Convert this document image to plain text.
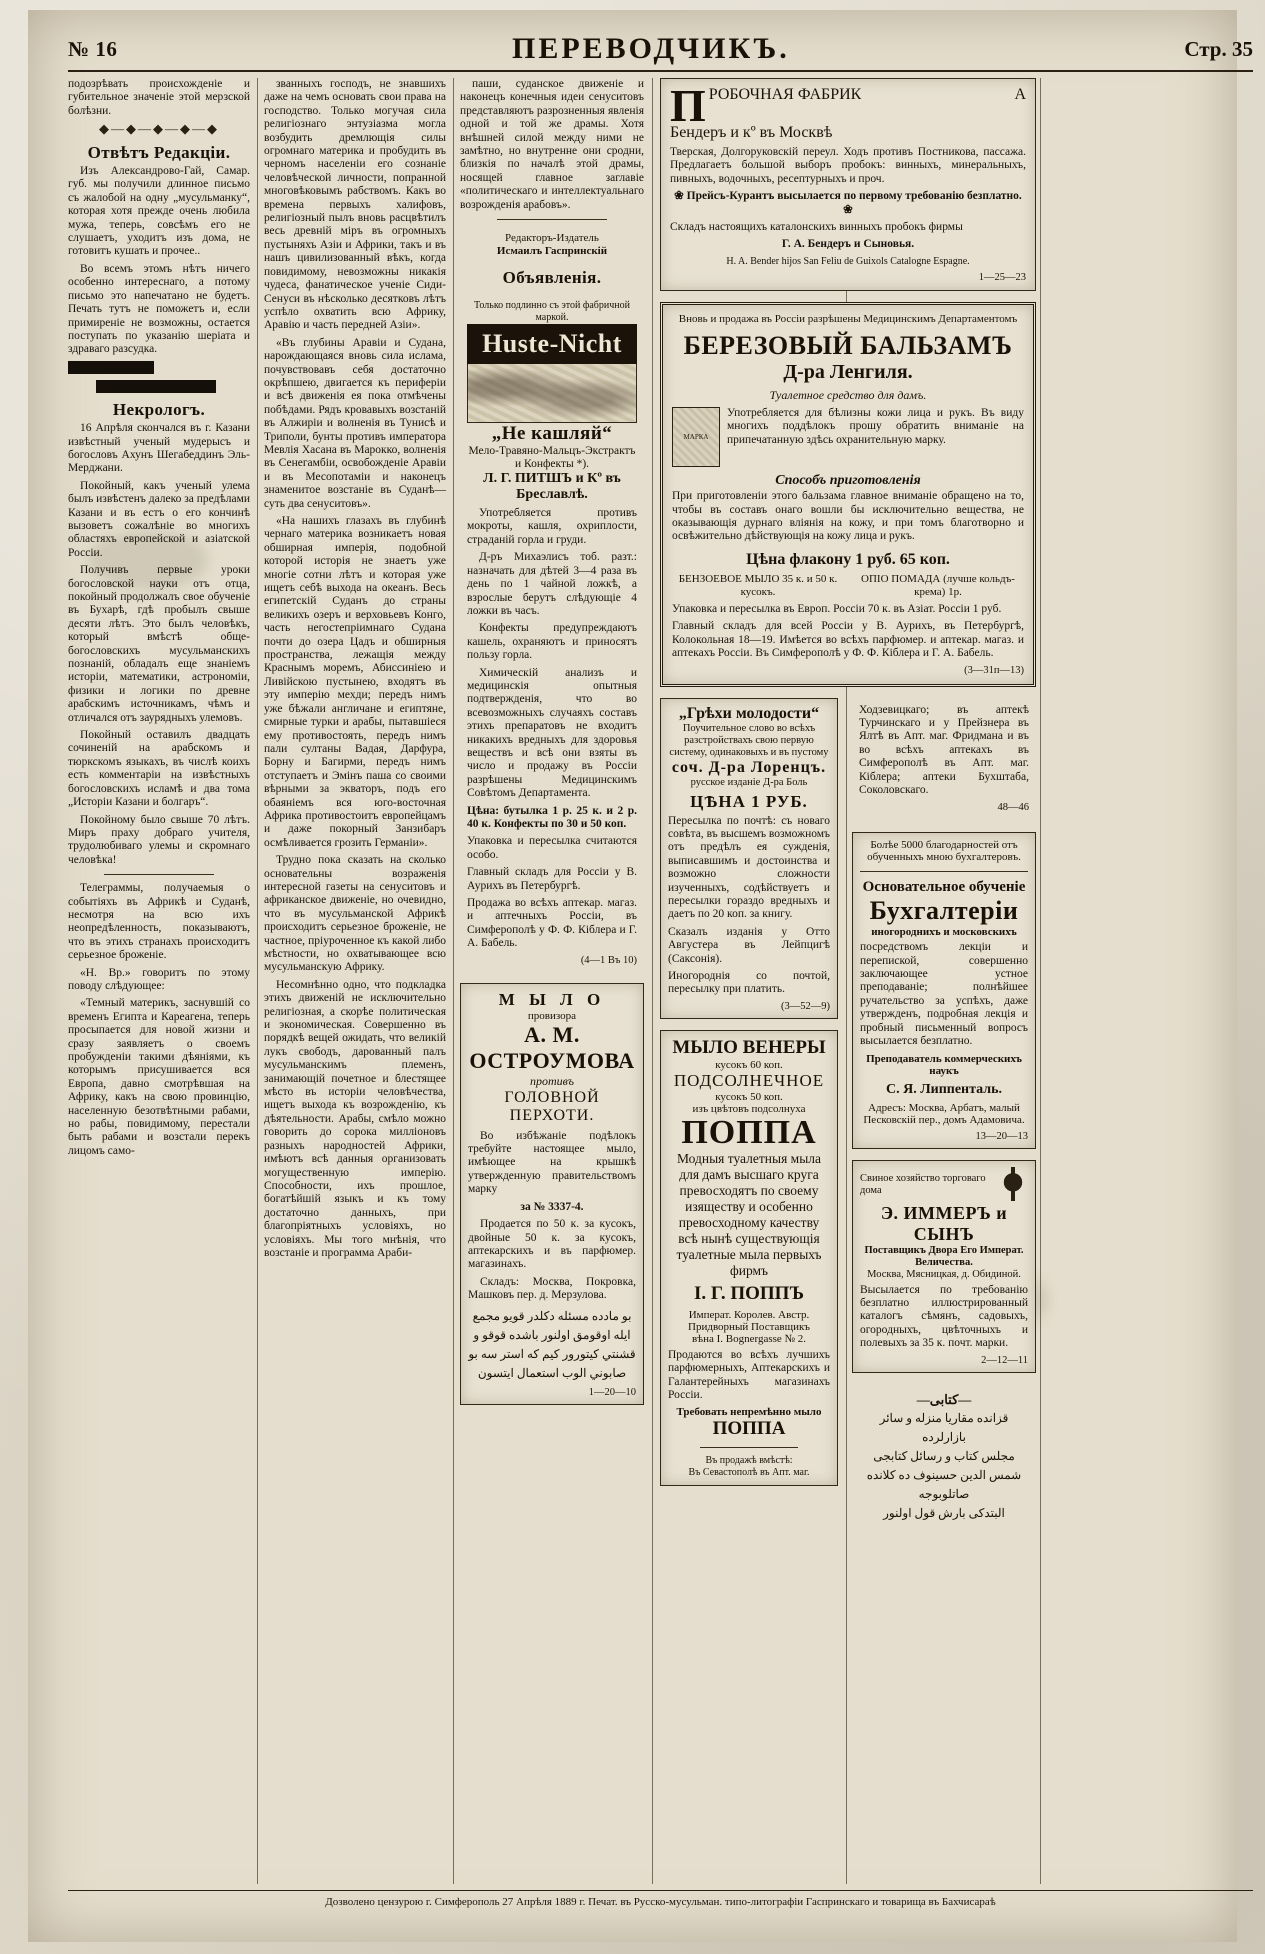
№ 16	ПЕРЕВОДЧИКЪ.	Стр. 35

подозрѣвать происхожденіе и губительное значеніе этой мерзской болѣзни.

◆—◆—◆—◆—◆
Отвѣтъ Редакціи.

Изъ Александрово-Гай, Самар. губ. мы получили длинное письмо съ жалобой на одну „мусульманку“, которая хотя прежде очень любила мужа, теперь, совсѣмъ его не слушаетъ, уходитъ изъ дома, не готовитъ кушать и прочее..

Во всемъ этомъ нѣтъ ничего особенно интереснаго, а потому письмо это напечатано не будетъ. Печать тутъ не поможетъ и, если примиреніе не возможны, остается поступать по указанію шеріата и здраваго разсудка.

Некрологъ.

16 Апрѣля скончался въ г. Казани извѣстный ученый мудерысъ и богословъ Ахунъ Шегабеддинъ Эль-Мерджани.

Покойный, какъ ученый улема былъ извѣстенъ далеко за предѣлами Казани и въ естъ о его кончинѣ вызоветъ сожалѣніе во многихъ областяхъ европейской и азіатской Россіи.

Получивъ первые уроки богословской науки отъ отца, покойный продолжалъ свое обученіе въ Бухарѣ, гдѣ пробылъ свыше десяти лѣтъ. Это былъ человѣкъ, который вмѣстѣ обще-богословскихъ мусульманскихъ познаній, обладалъ еще знаніемъ исторіи, математики, астрономіи, физики и логики по древне арабскимъ источникамъ, чѣмъ и отличался отъ заурядныхъ улемовъ.

Покойный оставилъ двадцать сочиненій на арабскомъ и тюркскомъ языкахъ, въ числѣ коихъ есть комментаріи на извѣстныхъ богословскихъ исламѣ и два тома „Исторіи Казани и болгаръ“.

Покойному было свыше 70 лѣтъ. Миръ праху добраго учителя, трудолюбиваго улемы и скромнаго человѣка!

Телеграммы, получаемыя о событіяхъ въ Африкѣ и Суданѣ, несмотря на всю ихъ неопредѣленность, показываютъ, что въ этихъ странахъ происходитъ серьезное броженіе.

«Н. Вр.» говоритъ по этому поводу слѣдующее:

«Темный материкъ, заснувшій со временъ Египта и Кареагена, теперь просыпается для новой жизни и сразу заявляетъ о своемъ пробужденіи такими дѣяніями, къ которымъ присушивается вся Европа, давно смотрѣвшая на Африку, какъ на свою провинцію, населенную безотвѣтными рабами, но рабы, повидимому, перестали быть рабами и возстали перекъ лицомъ само-

званныхъ господъ, не знавшихъ даже на чемъ основать свои права на господство. Только могучая сила религіознаго энтузіазма могла возбудить дремлющія силы огромнаго материка и пробудить въ черномъ населеніи его сознаніе человѣческой личности, попранной многовѣковымъ рабствомъ. Какъ во времена первыхъ халифовъ, религіозный пылъ вновь расцвѣтилъ весь древній міръ въ огромныхъ пустыняхъ Азіи и Африки, такъ и въ нашъ цивилизованный вѣкъ, когда повидимому, невозможны никакія чудеса, фанатическое ученіе Сиди-Сенуси въ нѣсколько десятковъ лѣтъ успѣло охватить всю Африку, Аравію и часть передней Азіи».

«Въ глубины Аравіи и Судана, нарождающаяся вновь сила ислама, почувствовавъ себя достаточно окрѣпшею, двигается къ периферіи и всѣ движенія ея пока отмѣчены побѣдами. Рядъ кровавыхъ возстаній въ Алжиріи и волненія въ Тунисѣ и Триполи, бунты противъ императора Мевлія Хасана въ Марокко, волненія въ Сенегамбіи, освобожденіе Аравіи и въ Месопотаміи и наконецъ знаменитое возстаніе въ Суданѣ—суть два сенуситовъ».

«На нашихъ глазахъ въ глубинѣ чернаго материка возникаетъ новая обширная имперія, подобной которой исторія не знаетъ уже многіе сотни лѣтъ и которая уже ищетъ себѣ выхода на океанъ. Весь египетскій Суданъ до страны великихъ озеръ и верховьевъ Конго, часть негостепріимнаго Судана почти до озера Цадъ и обширныя пространства, лежащія между Краснымъ моремъ, Абиссиніею и Ливійскою пустынею, входятъ въ эту имперію мехди; передъ нимъ уже бѣжали англичане и египтяне, смирные турки и арабы, пытавшіеся ему противостоять, передъ нимъ пали султаны Вадая, Дарфура, Борну и Багирми, передъ нимъ отступаетъ и Эмінъ паша со своими вѣрными за экваторъ, подъ его обаяніемъ вся юго-восточная Африка противостоитъ европейцамъ и даже покорный Занзибаръ осмѣливается грозить Германіи».

Трудно пока сказать на сколько основательны возраженія интересной газеты на сенуситовъ и африканское движеніе, но очевидно, что въ мусульманской Африкѣ происходитъ серьезное броженіе, не частное, пріуроченное къ какой либо мѣстности, но охватывающее всю мусульманскую Африку.

Несомнѣнно одно, что подкладка этихъ движеній не исключительно религіозная, а скорѣе политическая и экономическая. Совершенно въ порядкѣ вещей ожидать, что великій лукъ свободъ, дарованный палъ мусульманскимъ племенъ, занимающій почетное и блестящее мѣсто въ исторіи человѣчества, ищетъ выхода къ возрожденію, къ дѣятельности. Арабы, смѣло можно говорить до сорока милліоновъ разныхъ народностей Африки, имѣютъ всѣ данныя организовать могущественную имперію. Способности, ихъ прошлое, богатѣйшій языкъ и къ тому достаточно данныхъ, при благопріятныхъ условіяхъ, но условіяхъ. Мы того мнѣнія, что возстаніе и программа Араби-

паши, суданское движеніе и наконецъ конечныя идеи сенуситовъ представляютъ разрозненныя явленія одной и той же драмы. Хотя внѣшней силой между ними не замѣтно, но внутренне они сродни, близкія по началѣ этой драмы, носящей главное заглавіе «политическаго и интеллектуальнаго возрожденія арабовъ».

Редакторъ-Издатель
Исмаилъ Гаспринскій
Объявленія.
Только подлинно съ этой фабричной маркой.
Huste-Nicht
„Не кашляй“
Мело-Травяно-Мальцъ-Экстрактъ и Конфекты *).
Л. Г. ПИТШЪ и Кº въ Бреславлѣ.

Употребляется противъ мокроты, кашля, охриплости, страданій горла и груди.

Д-ръ Михаэлисъ тоб. разт.: назначать для дѣтей 3—4 раза въ день по 1 чайной ложкѣ, а взрослые берутъ слѣдующіе 4 ложки въ часъ.

Конфекты предупреждаютъ кашель, охраняютъ и приносятъ пользу горла.

Химическій анализъ и медицинскія опытныя подтвержденія, что во всевозможныхъ случаяхъ составъ этихъ препаратовъ не входитъ никакихъ вредныхъ для здоровья веществъ и всѣ они взяты въ число и продажу въ Россіи разрѣшены Медицинскимъ Совѣтомъ Департамента.

Цѣна: бутылка 1 р. 25 к. и 2 р. 40 к. Конфекты по 30 и 50 коп.

Упаковка и пересылка считаются особо.

Главный складъ для Россіи у В. Аурихъ въ Петербургѣ.

Продажа во всѣхъ аптекар. магаз. и аптечныхъ Россіи, въ Симферополѣ у Ф. Ф. Кіблера и Г. А. Бабель.

(4—1 Въ 10)
М Ы Л О
провизора
А. М. ОСТРОУМОВА
противъ
ГОЛОВНОЙ ПЕРХОТИ.

Во избѣжаніе подѣлокъ требуйте настоящее мыло, имѣющее на крышкѣ утвержденную правительствомъ марку

за № 3337-4.

Продается по 50 к. за кусокъ, двойные 50 к. за кусокъ, аптекарскихъ и въ парфюмер. магазинахъ.

Складъ: Москва, Покровка, Машковъ пер. д. Мерзулова.

بو مادده مسئله دكلدر قويو مجمع ايله اوقومق اولنور باشده قوقو و قشنتي كيتورور كيم كه استر سه بو صابوني الوب استعمال ايتسون
1—20—10
П РОБОЧНАЯ ФАБРИК	А
Бендеръ и кº въ Москвѣ

Тверская, Долгоруковскій переул. Ходъ противъ Постникова, пассажа. Предлагаетъ большой выборъ пробокъ: винныхъ, минеральныхъ, пивныхъ, водочныхъ, ресептурныхъ и проч.

❀ Прейсъ-Курантъ высылается по первому требованію безплатно. ❀

Складъ настоящихъ каталонскихъ винныхъ пробокъ фирмы

Г. А. Бендеръ и Сыновья.

H. A. Bender hijos San Feliu de Guixols Catalogne Espagne.

1—25—23
Вновь и продажа въ Россіи разрѣшены Медицинскимъ Департаментомъ
БЕРЕЗОВЫЙ БАЛЬЗАМЪ
Д-ра Ленгиля.
Туалетное средство для дамъ.
МАРКА

Употребляется для бѣлизны кожи лица и рукъ. Въ виду многихъ поддѣлокъ прошу обратить вниманіе на припечатанную здѣсь охранительную марку.

Способъ приготовленія

При приготовленіи этого бальзама главное вниманіе обращено на то, чтобы въ составъ онаго вошли бы исключительно вещества, не оказывающія дурнаго вліянія на кожу, и при томъ благотворно и освѣжительно дѣйствующія на кожу лица и рукъ.

Цѣна флакону 1 руб. 65 коп.
БЕНЗОЕВОЕ МЫЛО 35 к. и 50 к. кусокъ.
ОПІО ПОМАДА (лучше кольдъ-крема) 1р.

Упаковка и пересылка въ Европ. Россіи 70 к. въ Азіат. Россіи 1 руб.

Главный складъ для всей Россіи у В. Аурихъ, въ Петербургѣ, Колокольная 18—19. Имѣется во всѣхъ парфюмер. и аптекар. магаз. и аптекахъ Россіи. Въ Симферополѣ у Ф. Ф. Кіблера и Г. А. Бабель.

(3—31п—13)
„Грѣхи молодости“
Поучительное слово во всѣхъ разстройствахъ свою первую систему, одинаковыхъ и въ пустому
соч. Д-ра Лоренцъ.
русское изданіе Д-ра Боль
ЦѢНА 1 РУБ.

Пересылка по почтѣ: съ новаго совѣта, въ высшемъ возможномъ отъ предѣлъ ея сужденія, выписавшимъ и достоинства и возможно сложности изученныхъ, содѣйствуетъ и пересылки гораздо вредныхъ и даетъ по 20 коп. за книгу.

Сказалъ изданія у Отто Августера въ Лейпцигѣ (Саксонія).

Иногороднія со почтой, пересылку при платить.

(3—52—9)
МЫЛО ВЕНЕРЫ
кусокъ 60 коп.
ПОДСОЛНЕЧНОЕ
кусокъ 50 коп.
изъ цвѣтовъ подсолнуха
ПОППА
Модныя туалетныя мыла для дамъ высшаго круга превосходятъ по своему изяществу и особенно превосходному качеству всѣ нынѣ существующія туалетные мыла первыхъ фирмъ
І. Г. ПОППЪ
Императ. Королев. Австр. Придворный Поставщикъ
вѣна I. Bognergasse № 2.

Продаются во всѣхъ лучшихъ парфюмерныхъ, Аптекарскихъ и Галантерейныхъ магазинахъ Россіи.

Требовать непремѣнно мыло
ПОППА
Въ продажѣ вмѣстѣ:
Въ Севастополѣ въ Апт. маг.

Ходзевицкаго; въ аптекѣ Турчинскаго и у Прейзнера въ Ялтѣ въ Апт. маг. Фридмана и въ во всѣхъ аптекахъ въ Симферополѣ въ Апт. маг. Кіблера; аптеки Бухштаба, Соколовскаго.

48—46
Болѣе 5000 благодарностей отъ обученныхъ мною бухгалтеровъ.
Основательное обученіе
Бухгалтеріи
иногороднихъ и московскихъ

посредствомъ лекціи и перепиской, совершенно заключающее устное преподаваніе; полнѣйшее ручательство за успѣхъ, даже утвержденъ, подробная лекція и пробный письменный вопросъ высылается безплатно.

Преподаватель коммерческихъ наукъ
С. Я. Липпенталь.
Адресъ: Москва, Арбатъ, малый Песковскій пер., домъ Адамовича.
13—20—13
Свиное хозяйство торговаго дома
Э. ИММЕРЪ и СЫНЪ
Поставщикъ Двора Его Императ. Величества.
Москва, Мясницкая, д. Обидиной.

Высылается по требованію безплатно иллюстрированный каталогъ сѣмянъ, садовыхъ, огородныхъ, цвѣточныхъ и полевыхъ за 35 к. почт. марки.

2—12—11
—كتابى—
قزانده مقاريا منزله و سائر بازارلرده
مجلس كتاب و رسائل كتابجى شمس الدين حسينوف ده كلانده صاتلوبوجه
البتدكى بارش قول اولنور
Дозволено цензурою г. Симферополь 27 Апрѣля 1889 г. Печат. въ Русско-мусульман. типо-литографіи Гаспринскаго и товарища въ Бахчисараѣ
